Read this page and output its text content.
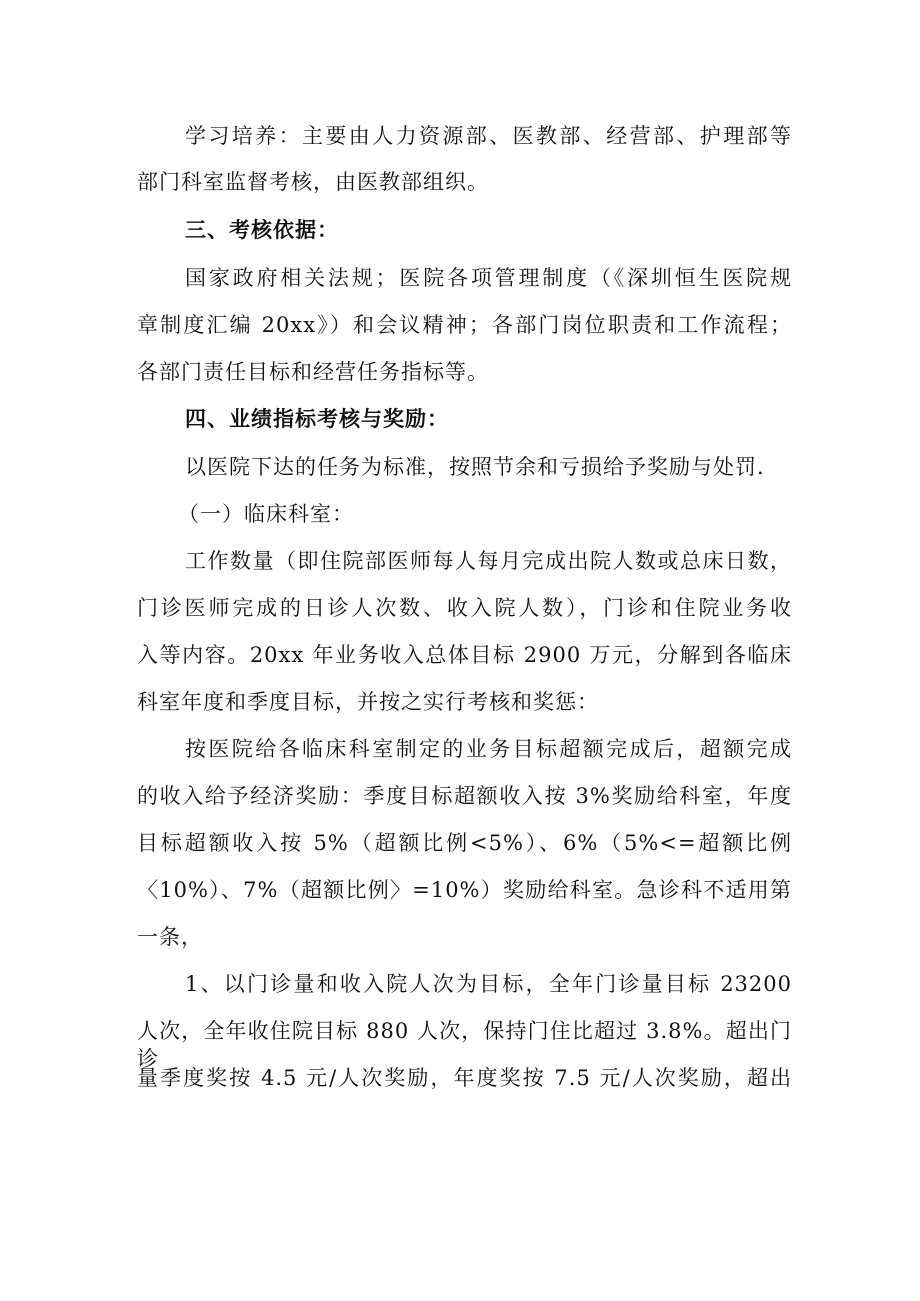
学习培养：主要由人力资源部、医教部、经营部、护理部等
部门科室监督考核，由医教部组织。
三、考核依据：
国家政府相关法规；医院各项管理制度（《深圳恒生医院规
章制度汇编 20xx》）和会议精神；各部门岗位职责和工作流程；
各部门责任目标和经营任务指标等。
四、业绩指标考核与奖励：
以医院下达的任务为标准，按照节余和亏损给予奖励与处罚.
（一）临床科室：
工作数量（即住院部医师每人每月完成出院人数或总床日数，
门诊医师完成的日诊人次数、收入院人数），门诊和住院业务收
入等内容。20xx 年业务收入总体目标 2900 万元，分解到各临床
科室年度和季度目标，并按之实行考核和奖惩：
按医院给各临床科室制定的业务目标超额完成后，超额完成
的收入给予经济奖励：季度目标超额收入按 3%奖励给科室，年度
目标超额收入按 5%（超额比例<5%）、6%（5%<=超额比例
〈10%）、7%（超额比例〉=10%）奖励给科室。急诊科不适用第
一条，
1、以门诊量和收入院人次为目标，全年门诊量目标 23200
人次，全年收住院目标 880 人次，保持门住比超过 3.8%。超出门诊
量季度奖按 4.5 元/人次奖励，年度奖按 7.5 元/人次奖励，超出
